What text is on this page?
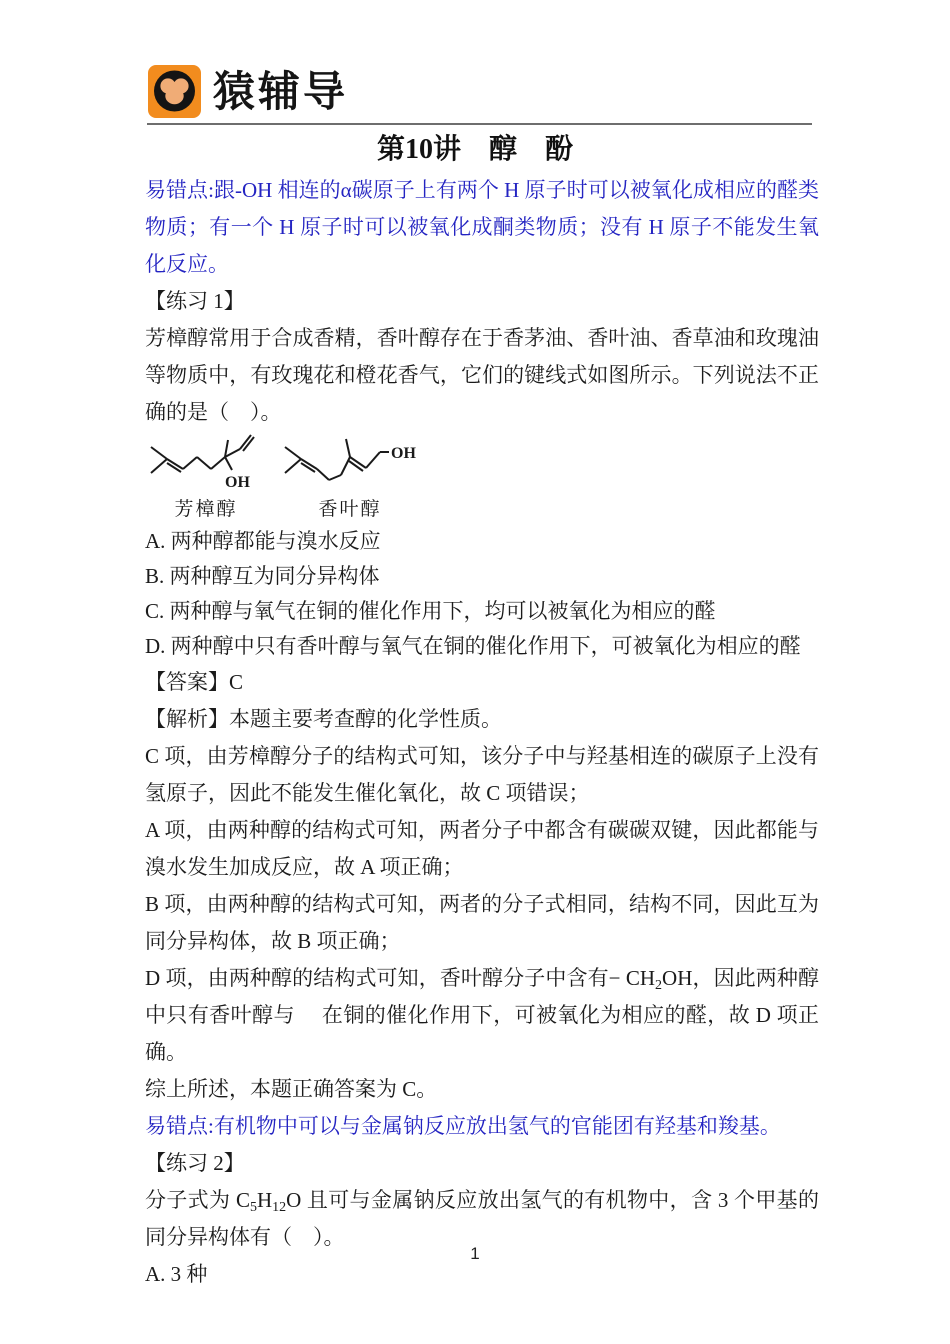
猿辅导
第10讲　醇　酚

易错点:跟-OH 相连的α碳原子上有两个 H 原子时可以被氧化成相应的醛类物质；有一个 H 原子时可以被氧化成酮类物质；没有 H 原子不能发生氧化反应。

【练习 1】

芳樟醇常用于合成香精，香叶醇存在于香茅油、香叶油、香草油和玫瑰油等物质中，有玫瑰花和橙花香气，它们的键线式如图所示。下列说法不正确的是（　）。

OH
芳樟醇
OH
香叶醇

A. 两种醇都能与溴水反应

B. 两种醇互为同分异构体

C. 两种醇与氧气在铜的催化作用下，均可以被氧化为相应的醛

D. 两种醇中只有香叶醇与氧气在铜的催化作用下，可被氧化为相应的醛

【答案】C

【解析】本题主要考查醇的化学性质。

C 项，由芳樟醇分子的结构式可知，该分子中与羟基相连的碳原子上没有氢原子，因此不能发生催化氧化，故 C 项错误；

A 项，由两种醇的结构式可知，两者分子中都含有碳碳双键，因此都能与溴水发生加成反应，故 A 项正确；

B 项，由两种醇的结构式可知，两者的分子式相同，结构不同，因此互为同分异构体，故 B 项正确；

D 项，由两种醇的结构式可知，香叶醇分子中含有− $CH_2OH$，因此两种醇中只有香叶醇与　 在铜的催化作用下，可被氧化为相应的醛，故 D 项正确。

综上所述，本题正确答案为 C。

易错点:有机物中可以与金属钠反应放出氢气的官能团有羟基和羧基。

【练习 2】

分子式为 $C_5H_{12}O$ 且可与金属钠反应放出氢气的有机物中，含 3 个甲基的同分异构体有（　）。

A. 3 种

1
